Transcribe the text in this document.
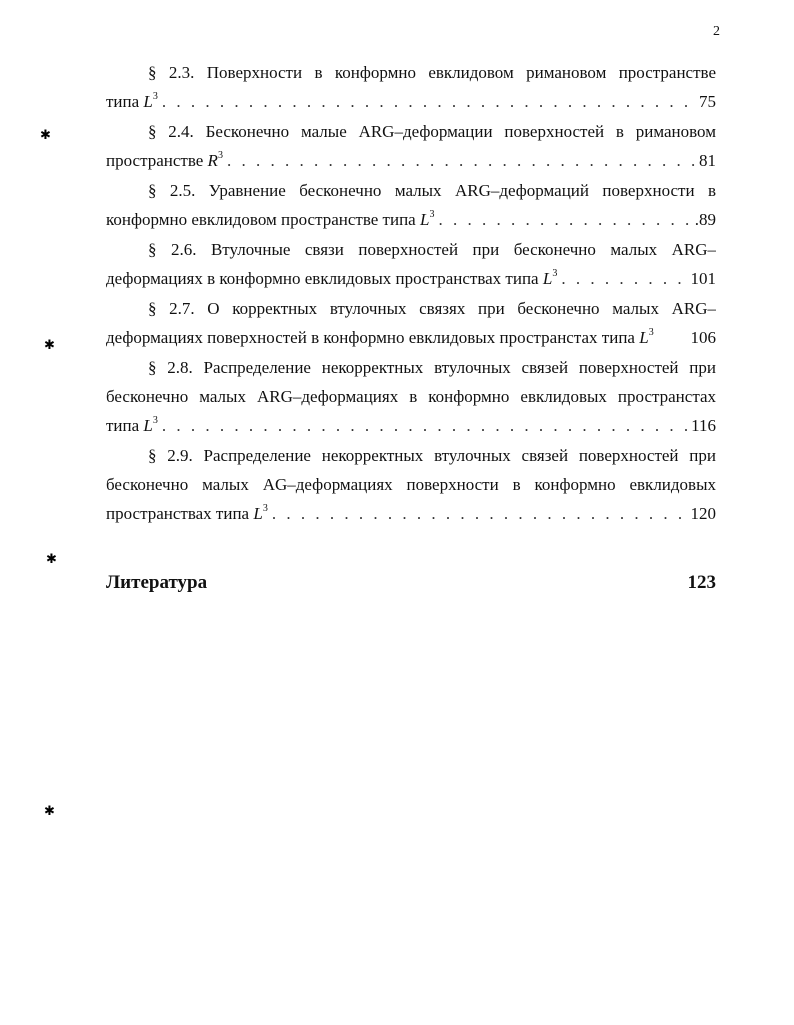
2
§ 2.3. Поверхности в конформно евклидовом римановом пространстве
типа
$L^3$ . . .	75
§ 2.4. Бесконечно малые ARG–деформации поверхностей в римановом
пространстве
$R^3$ . . .	81
§ 2.5. Уравнение бесконечно малых ARG–деформаций поверхности в
конформно евклидовом пространстве типа
$L^3$ . . .	.89
§ 2.6. Втулочные связи поверхностей при бесконечно малых ARG–
деформациях в конформно евклидовых пространствах типа
$L^3$ . . .	101
§ 2.7. О корректных втулочных связях при бесконечно малых ARG–
деформациях поверхностей в конформно евклидовых пространстах типа
$L^3$ 106
§ 2.8. Распределение некорректных втулочных связей поверхностей при
бесконечно малых ARG–деформациях в конформно евклидовых пространстах
типа
$L^3$ . . .	116
§ 2.9. Распределение некорректных втулочных связей поверхностей при
бесконечно малых AG–деформациях поверхности в конформно евклидовых
пространствах типа
$L^3$ . . .	120
Литература	123
✱
✱
✱
✱
